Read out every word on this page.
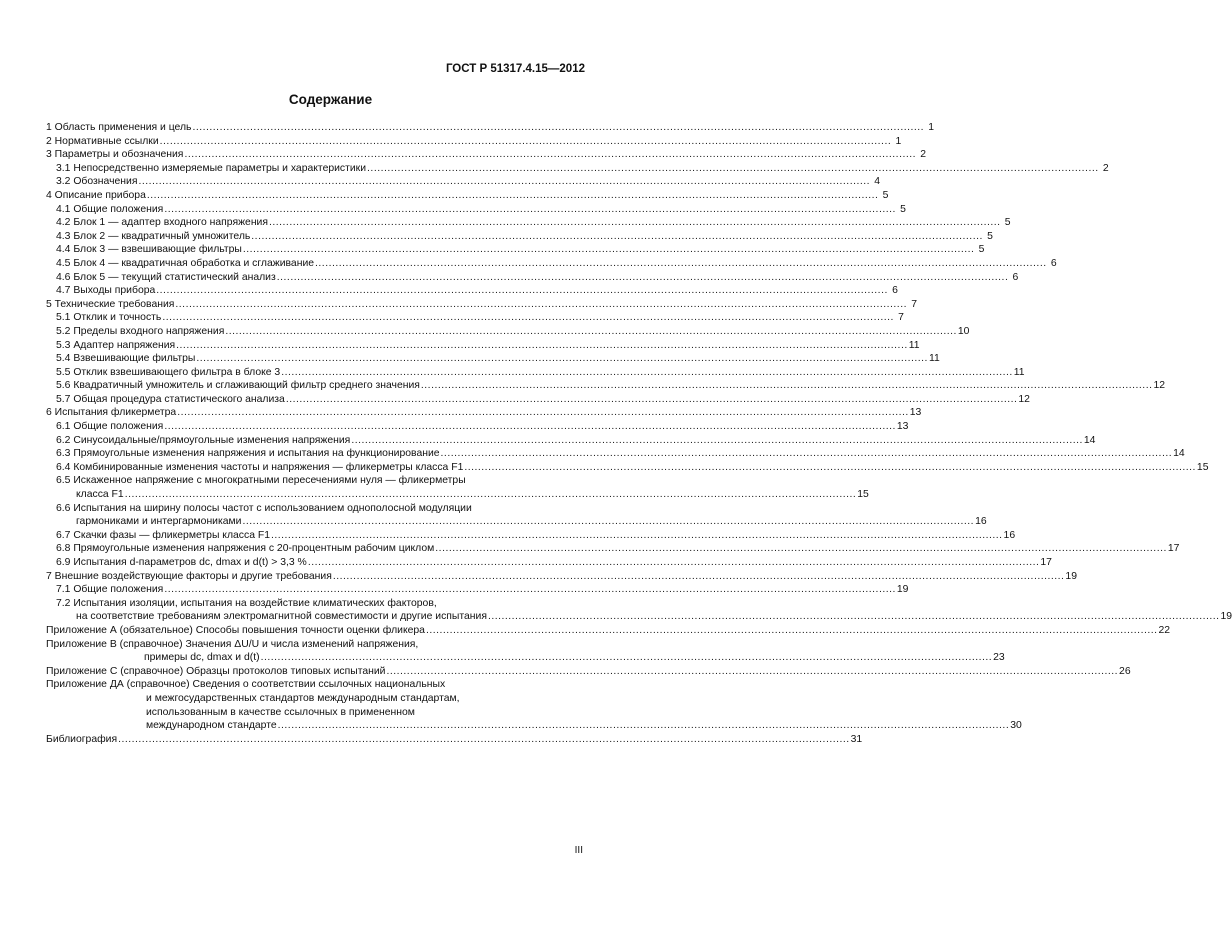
ГОСТ Р 51317.4.15—2012
Содержание
1 Область применения и цель ........................................................................................................................................................................................................................ 1
2 Нормативные ссылки ........................................................................................................................................................................................................................ 1
3 Параметры и обозначения ........................................................................................................................................................................................................................ 2
3.1 Непосредственно измеряемые параметры и характеристики ........................................................................................................................................................................................................................ 2
3.2 Обозначения ........................................................................................................................................................................................................................ 4
4 Описание прибора ........................................................................................................................................................................................................................ 5
4.1 Общие положения ........................................................................................................................................................................................................................ 5
4.2 Блок 1 — адаптер входного напряжения ........................................................................................................................................................................................................................ 5
4.3 Блок 2 — квадратичный умножитель ........................................................................................................................................................................................................................ 5
4.4 Блок 3 — взвешивающие фильтры ........................................................................................................................................................................................................................ 5
4.5 Блок 4 — квадратичная обработка и сглаживание ........................................................................................................................................................................................................................ 6
4.6 Блок 5 — текущий статистический анализ ........................................................................................................................................................................................................................ 6
4.7 Выходы прибора ........................................................................................................................................................................................................................ 6
5 Технические требования ........................................................................................................................................................................................................................ 7
5.1 Отклик и точность ........................................................................................................................................................................................................................ 7
5.2 Пределы входного напряжения ........................................................................................................................................................................................................................ 10
5.3 Адаптер напряжения ........................................................................................................................................................................................................................ 11
5.4 Взвешивающие фильтры ........................................................................................................................................................................................................................ 11
5.5 Отклик взвешивающего фильтра в блоке 3 ........................................................................................................................................................................................................................ 11
5.6 Квадратичный умножитель и сглаживающий фильтр среднего значения ........................................................................................................................................................................................................................ 12
5.7 Общая процедура статистического анализа ........................................................................................................................................................................................................................ 12
6 Испытания фликерметра ........................................................................................................................................................................................................................ 13
6.1 Общие положения ........................................................................................................................................................................................................................ 13
6.2 Синусоидальные/прямоугольные изменения напряжения ........................................................................................................................................................................................................................ 14
6.3 Прямоугольные изменения напряжения и испытания на функционирование ........................................................................................................................................................................................................................ 14
6.4 Комбинированные изменения частоты и напряжения — фликерметры класса F1 ........................................................................................................................................................................................................................ 15
6.5 Искаженное напряжение с многократными пересечениями нуля — фликерметры
класса F1 ........................................................................................................................................................................................................................ 15
6.6 Испытания на ширину полосы частот с использованием однополосной модуляции
гармониками и интергармониками ........................................................................................................................................................................................................................ 16
6.7 Скачки фазы — фликерметры класса F1 ........................................................................................................................................................................................................................ 16
6.8 Прямоугольные изменения напряжения с 20-процентным рабочим циклом ........................................................................................................................................................................................................................ 17
6.9 Испытания d-параметров dc, dmax и d(t) > 3,3 % ........................................................................................................................................................................................................................ 17
7 Внешние воздействующие факторы и другие требования ........................................................................................................................................................................................................................ 19
7.1 Общие положения ........................................................................................................................................................................................................................ 19
7.2 Испытания изоляции, испытания на воздействие климатических факторов,
на соответствие требованиям электромагнитной совместимости и другие испытания ........................................................................................................................................................................................................................ 19
Приложение А (обязательное) Способы повышения точности оценки фликера ........................................................................................................................................................................................................................ 22
Приложение В (справочное) Значения ΔU/U и числа изменений напряжения,
примеры dc, dmax и d(t) ........................................................................................................................................................................................................................ 23
Приложение С (справочное) Образцы протоколов типовых испытаний ........................................................................................................................................................................................................................ 26
Приложение ДА (справочное) Сведения о соответствии ссылочных национальных
и межгосударственных стандартов международным стандартам,
использованным в качестве ссылочных в примененном
международном стандарте ........................................................................................................................................................................................................................ 30
Библиография ........................................................................................................................................................................................................................ 31
III
